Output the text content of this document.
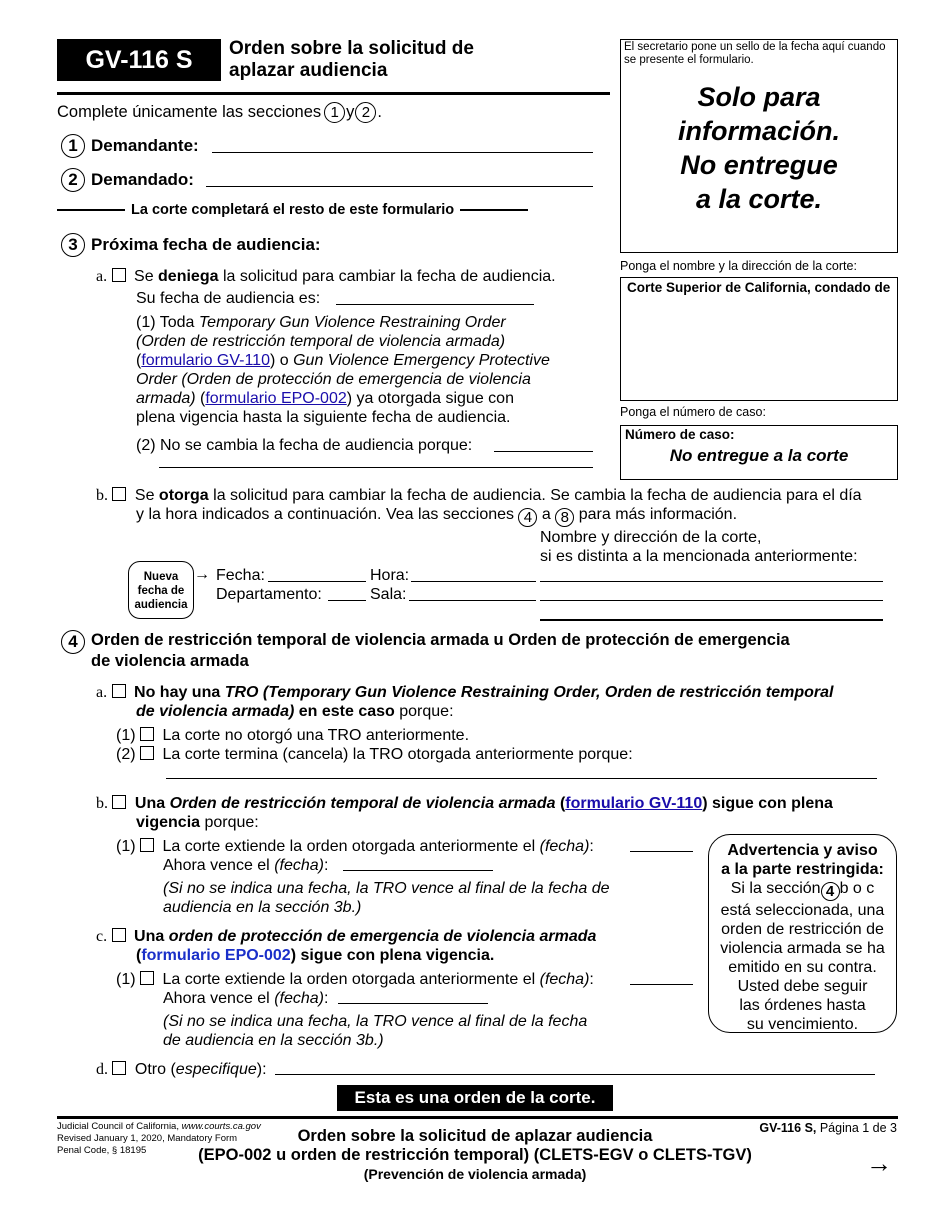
GV-116 S	Orden sobre la solicitud de
aplazar audiencia
El secretario pone un sello de la fecha aquí cuando se presente el formulario.
Solo para
información.
No entregue
a la corte.
Ponga el nombre y la dirección de la corte:
Corte Superior de California, condado de
Ponga el número de caso:
Número de caso:
No entregue a la corte
Complete únicamente las secciones 1 y 2 .
1 Demandante:
2 Demandado:
La corte completará el resto de este formulario
3 Próxima fecha de audiencia:
a. Se deniega la solicitud para cambiar la fecha de audiencia.
Su fecha de audiencia es:
(1) Toda Temporary Gun Violence Restraining Order
(Orden de restricción temporal de violencia armada)
(formulario GV-110) o Gun Violence Emergency Protective
Order (Orden de protección de emergencia de violencia
armada) (formulario EPO-002) ya otorgada sigue con
plena vigencia hasta la siguiente fecha de audiencia.
(2) No se cambia la fecha de audiencia porque:
b. Se otorga la solicitud para cambiar la fecha de audiencia. Se cambia la fecha de audiencia para el día
y la hora indicados a continuación. Vea las secciones 4 a 8 para más información.
Nombre y dirección de la corte,
si es distinta a la mencionada anteriormente:
Nueva
fecha de
audiencia
→ Fecha:	Hora:
Departamento:	Sala:
4 Orden de restricción temporal de violencia armada u Orden de protección de emergencia
de violencia armada
a. No hay una TRO (Temporary Gun Violence Restraining Order, Orden de restricción temporal
de violencia armada) en este caso porque:
(1) La corte no otorgó una TRO anteriormente.
(2) La corte termina (cancela) la TRO otorgada anteriormente porque:
b. Una Orden de restricción temporal de violencia armada (formulario GV-110) sigue con plena
vigencia porque:
(1) La corte extiende la orden otorgada anteriormente el (fecha):
Ahora vence el (fecha):
(Si no se indica una fecha, la TRO vence al final de la fecha de
audiencia en la sección 3b.)
c. Una orden de protección de emergencia de violencia armada
(formulario EPO-002) sigue con plena vigencia.
(1) La corte extiende la orden otorgada anteriormente el (fecha):
Ahora vence el (fecha):
(Si no se indica una fecha, la TRO vence al final de la fecha
de audiencia en la sección 3b.)
d. Otro (especifique):
Advertencia y aviso
a la parte restringida:
Si la sección 4 b o c
está seleccionada, una
orden de restricción de
violencia armada se ha
emitido en su contra.
Usted debe seguir
las órdenes hasta
su vencimiento.
Esta es una orden de la corte.
Judicial Council of California, www.courts.ca.gov
Revised January 1, 2020, Mandatory Form
Penal Code, § 18195
Orden sobre la solicitud de aplazar audiencia
(EPO-002 u orden de restricción temporal) (CLETS-EGV o CLETS-TGV)
(Prevención de violencia armada)
GV-116 S, Página 1 de 3
→
